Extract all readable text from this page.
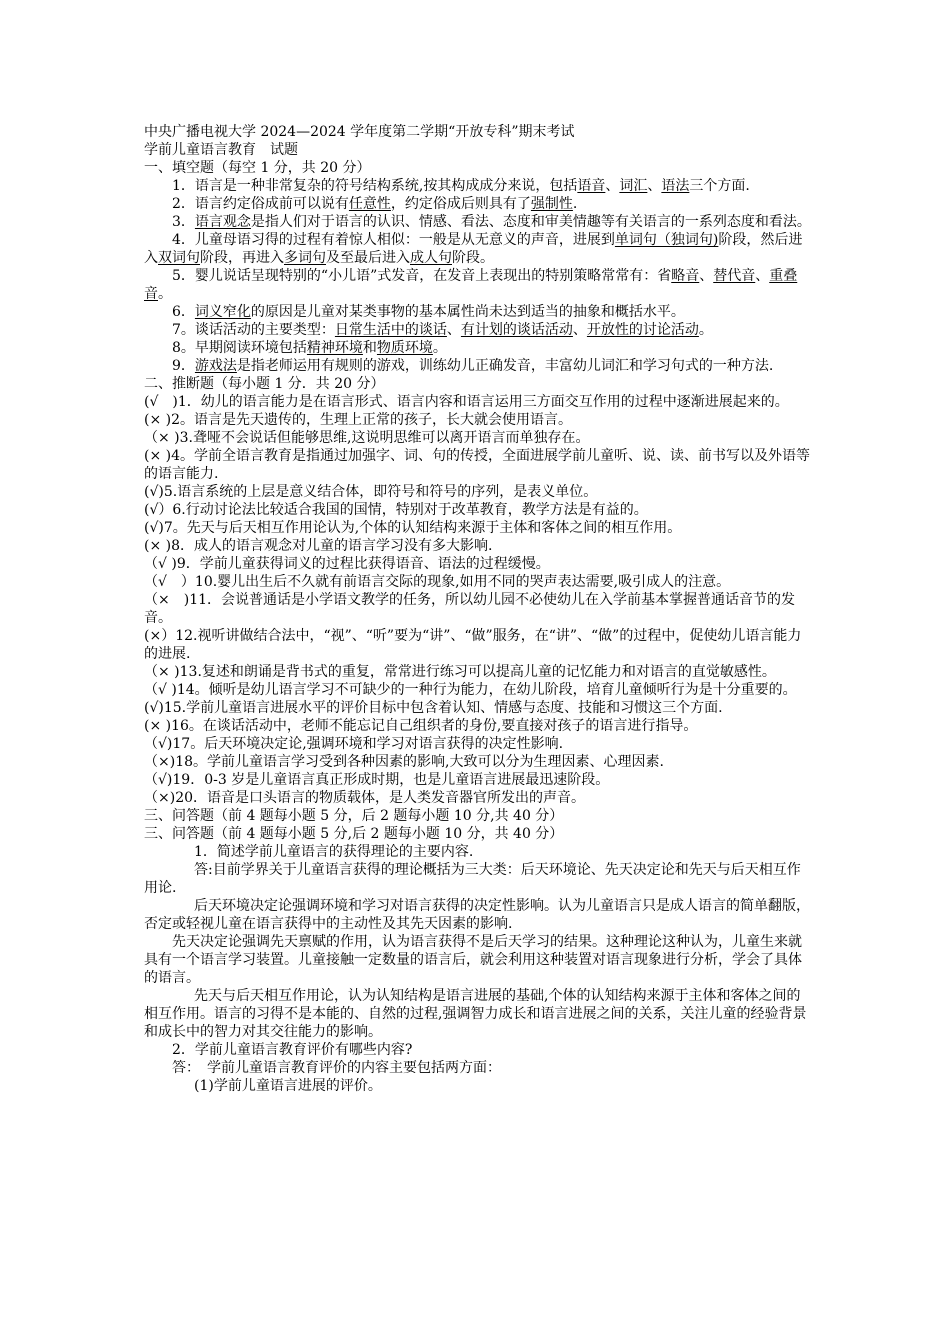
中央广播电视大学 2024—2024 学年度第二学期“开放专科”期末考试

学前儿童语言教育　试题

一、填空题（每空 1 分，共 20 分）

1．语言是一种非常复杂的符号结构系统,按其构成成分来说，包括语音、词汇、语法三个方面.

2．语言约定俗成前可以说有任意性，约定俗成后则具有了强制性.

3．语言观念是指人们对于语言的认识、情感、看法、态度和审美情趣等有关语言的一系列态度和看法。

4．儿童母语习得的过程有着惊人相似：一般是从无意义的声音，进展到单词句（独词句)阶段，然后进入双词句阶段，再进入多词句及至最后进入成人句阶段。

5．婴儿说话呈现特别的“小儿语”式发音，在发音上表现出的特别策略常常有：省略音、替代音、重叠音。

6．词义窄化的原因是儿童对某类事物的基本属性尚未达到适当的抽象和概括水平。

7。谈话活动的主要类型：日常生活中的谈话、有计划的谈话活动、开放性的讨论活动。

8。早期阅读环境包括精神环境和物质环境。

9．游戏法是指老师运用有规则的游戏，训练幼儿正确发音，丰富幼儿词汇和学习句式的一种方法.

二、推断题（每小题 1 分．共 20 分）

(√　)1．幼儿的语言能力是在语言形式、语言内容和语言运用三方面交互作用的过程中逐渐进展起来的。

(× )2。语言是先天遗传的，生理上正常的孩子，长大就会使用语言。

（× )3.聋哑不会说话但能够思维,这说明思维可以离开语言而单独存在。

(× )4。学前全语言教育是指通过加强字、词、句的传授，全面进展学前儿童听、说、读、前书写以及外语等的语言能力.

(√)5.语言系统的上层是意义结合体，即符号和符号的序列，是表义单位。

(√）6.行动讨论法比较适合我国的国情，特别对于改革教育，教学方法是有益的。

(√)7。先天与后天相互作用论认为,个体的认知结构来源于主体和客体之间的相互作用。

(× )8．成人的语言观念对儿童的语言学习没有多大影响.

（√ )9．学前儿童获得词义的过程比获得语音、语法的过程缓慢。

（√　）10.婴儿出生后不久就有前语言交际的现象,如用不同的哭声表达需要,吸引成人的注意。

（×　)11．会说普通话是小学语文教学的任务，所以幼儿园不必使幼儿在入学前基本掌握普通话音节的发音。

(×）12.视听讲做结合法中，“视”、“听”要为“讲”、“做”服务，在“讲”、“做”的过程中，促使幼儿语言能力的进展.

（× )13.复述和朗诵是背书式的重复，常常进行练习可以提高儿童的记忆能力和对语言的直觉敏感性。

（√ )14。倾听是幼儿语言学习不可缺少的一种行为能力，在幼儿阶段，培育儿童倾听行为是十分重要的。

(√)15.学前儿童语言进展水平的评价目标中包含着认知、情感与态度、技能和习惯这三个方面.

(× )16。在谈话活动中，老师不能忘记自己组织者的身份,要直接对孩子的语言进行指导。

（√)17。后天环境决定论,强调环境和学习对语言获得的决定性影响.

（×)18。学前儿童语言学习受到各种因素的影响,大致可以分为生理因素、心理因素.

（√)19．0-3 岁是儿童语言真正形成时期，也是儿童语言进展最迅速阶段。

（×)20．语音是口头语言的物质载体，是人类发音器官所发出的声音。

三、问答题（前 4 题每小题 5 分，后 2 题每小题 10 分,共 40 分）

三、问答题（前 4 题每小题 5 分,后 2 题每小题 10 分，共 40 分）

1．简述学前儿童语言的获得理论的主要内容.

答:目前学界关于儿童语言获得的理论概括为三大类：后天环境论、先天决定论和先天与后天相互作用论.

后天环境决定论强调环境和学习对语言获得的决定性影响。认为儿童语言只是成人语言的简单翻版，否定或轻视儿童在语言获得中的主动性及其先天因素的影响.

先天决定论强调先天禀赋的作用，认为语言获得不是后天学习的结果。这种理论这种认为，儿童生来就具有一个语言学习装置。儿童接触一定数量的语言后，就会利用这种装置对语言现象进行分析，学会了具体的语言。

先天与后天相互作用论，认为认知结构是语言进展的基础,个体的认知结构来源于主体和客体之间的相互作用。语言的习得不是本能的、自然的过程,强调智力成长和语言进展之间的关系，关注儿童的经验背景和成长中的智力对其交往能力的影响。

2．学前儿童语言教育评价有哪些内容?

答：　学前儿童语言教育评价的内容主要包括两方面：

(1)学前儿童语言进展的评价。
